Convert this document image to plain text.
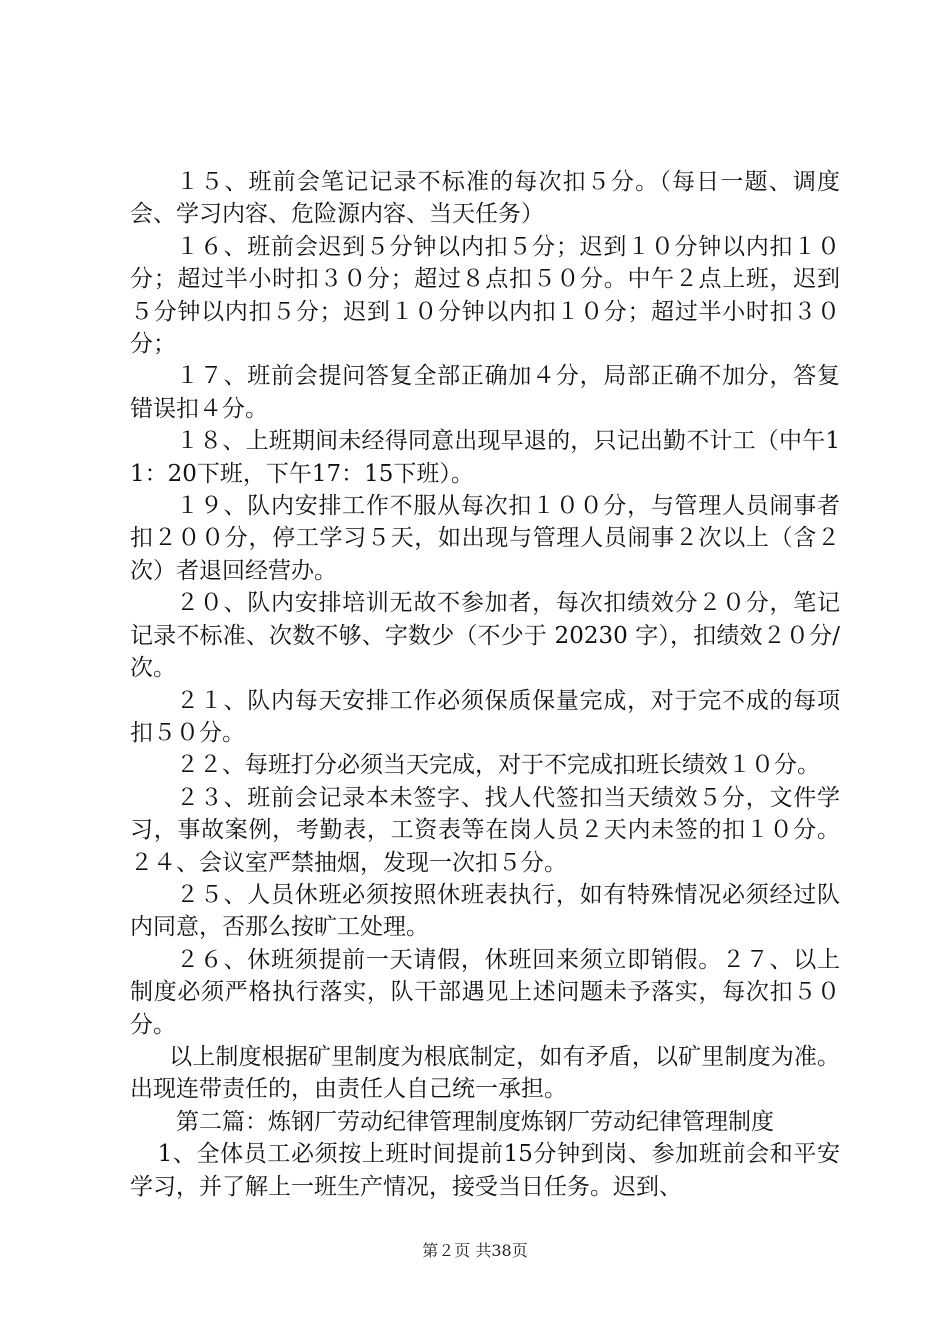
１５、班前会笔记记录不标准的每次扣５分。（每日一题、调度会、学习内容、危险源内容、当天任务）

１６、班前会迟到５分钟以内扣５分；迟到１０分钟以内扣１０分；超过半小时扣３０分；超过８点扣５０分。中午２点上班，迟到５分钟以内扣５分；迟到１０分钟以内扣１０分；超过半小时扣３０分；

１７、班前会提问答复全部正确加４分，局部正确不加分，答复错误扣４分。

１８、上班期间未经得同意出现早退的，只记出勤不计工（中午11：20下班，下午17：15下班）。

１９、队内安排工作不服从每次扣１００分，与管理人员闹事者扣２００分，停工学习５天，如出现与管理人员闹事２次以上（含２次）者退回经营办。

２０、队内安排培训无故不参加者，每次扣绩效分２０分，笔记记录不标准、次数不够、字数少（不少于 20230 字），扣绩效２０分/次。

２１、队内每天安排工作必须保质保量完成，对于完不成的每项扣５０分。

２２、每班打分必须当天完成，对于不完成扣班长绩效１０分。

２３、班前会记录本未签字、找人代签扣当天绩效５分，文件学习，事故案例，考勤表，工资表等在岗人员２天内未签的扣１０分。２４、会议室严禁抽烟，发现一次扣５分。

２５、人员休班必须按照休班表执行，如有特殊情况必须经过队内同意，否那么按旷工处理。

２６、休班须提前一天请假，休班回来须立即销假。２７、以上制度必须严格执行落实，队干部遇见上述问题未予落实，每次扣５０分。

以上制度根据矿里制度为根底制定，如有矛盾，以矿里制度为准。出现连带责任的，由责任人自己统一承担。

第二篇：炼钢厂劳动纪律管理制度炼钢厂劳动纪律管理制度

1、全体员工必须按上班时间提前15分钟到岗、参加班前会和平安学习，并了解上一班生产情况，接受当日任务。迟到、

第２页 共38页
